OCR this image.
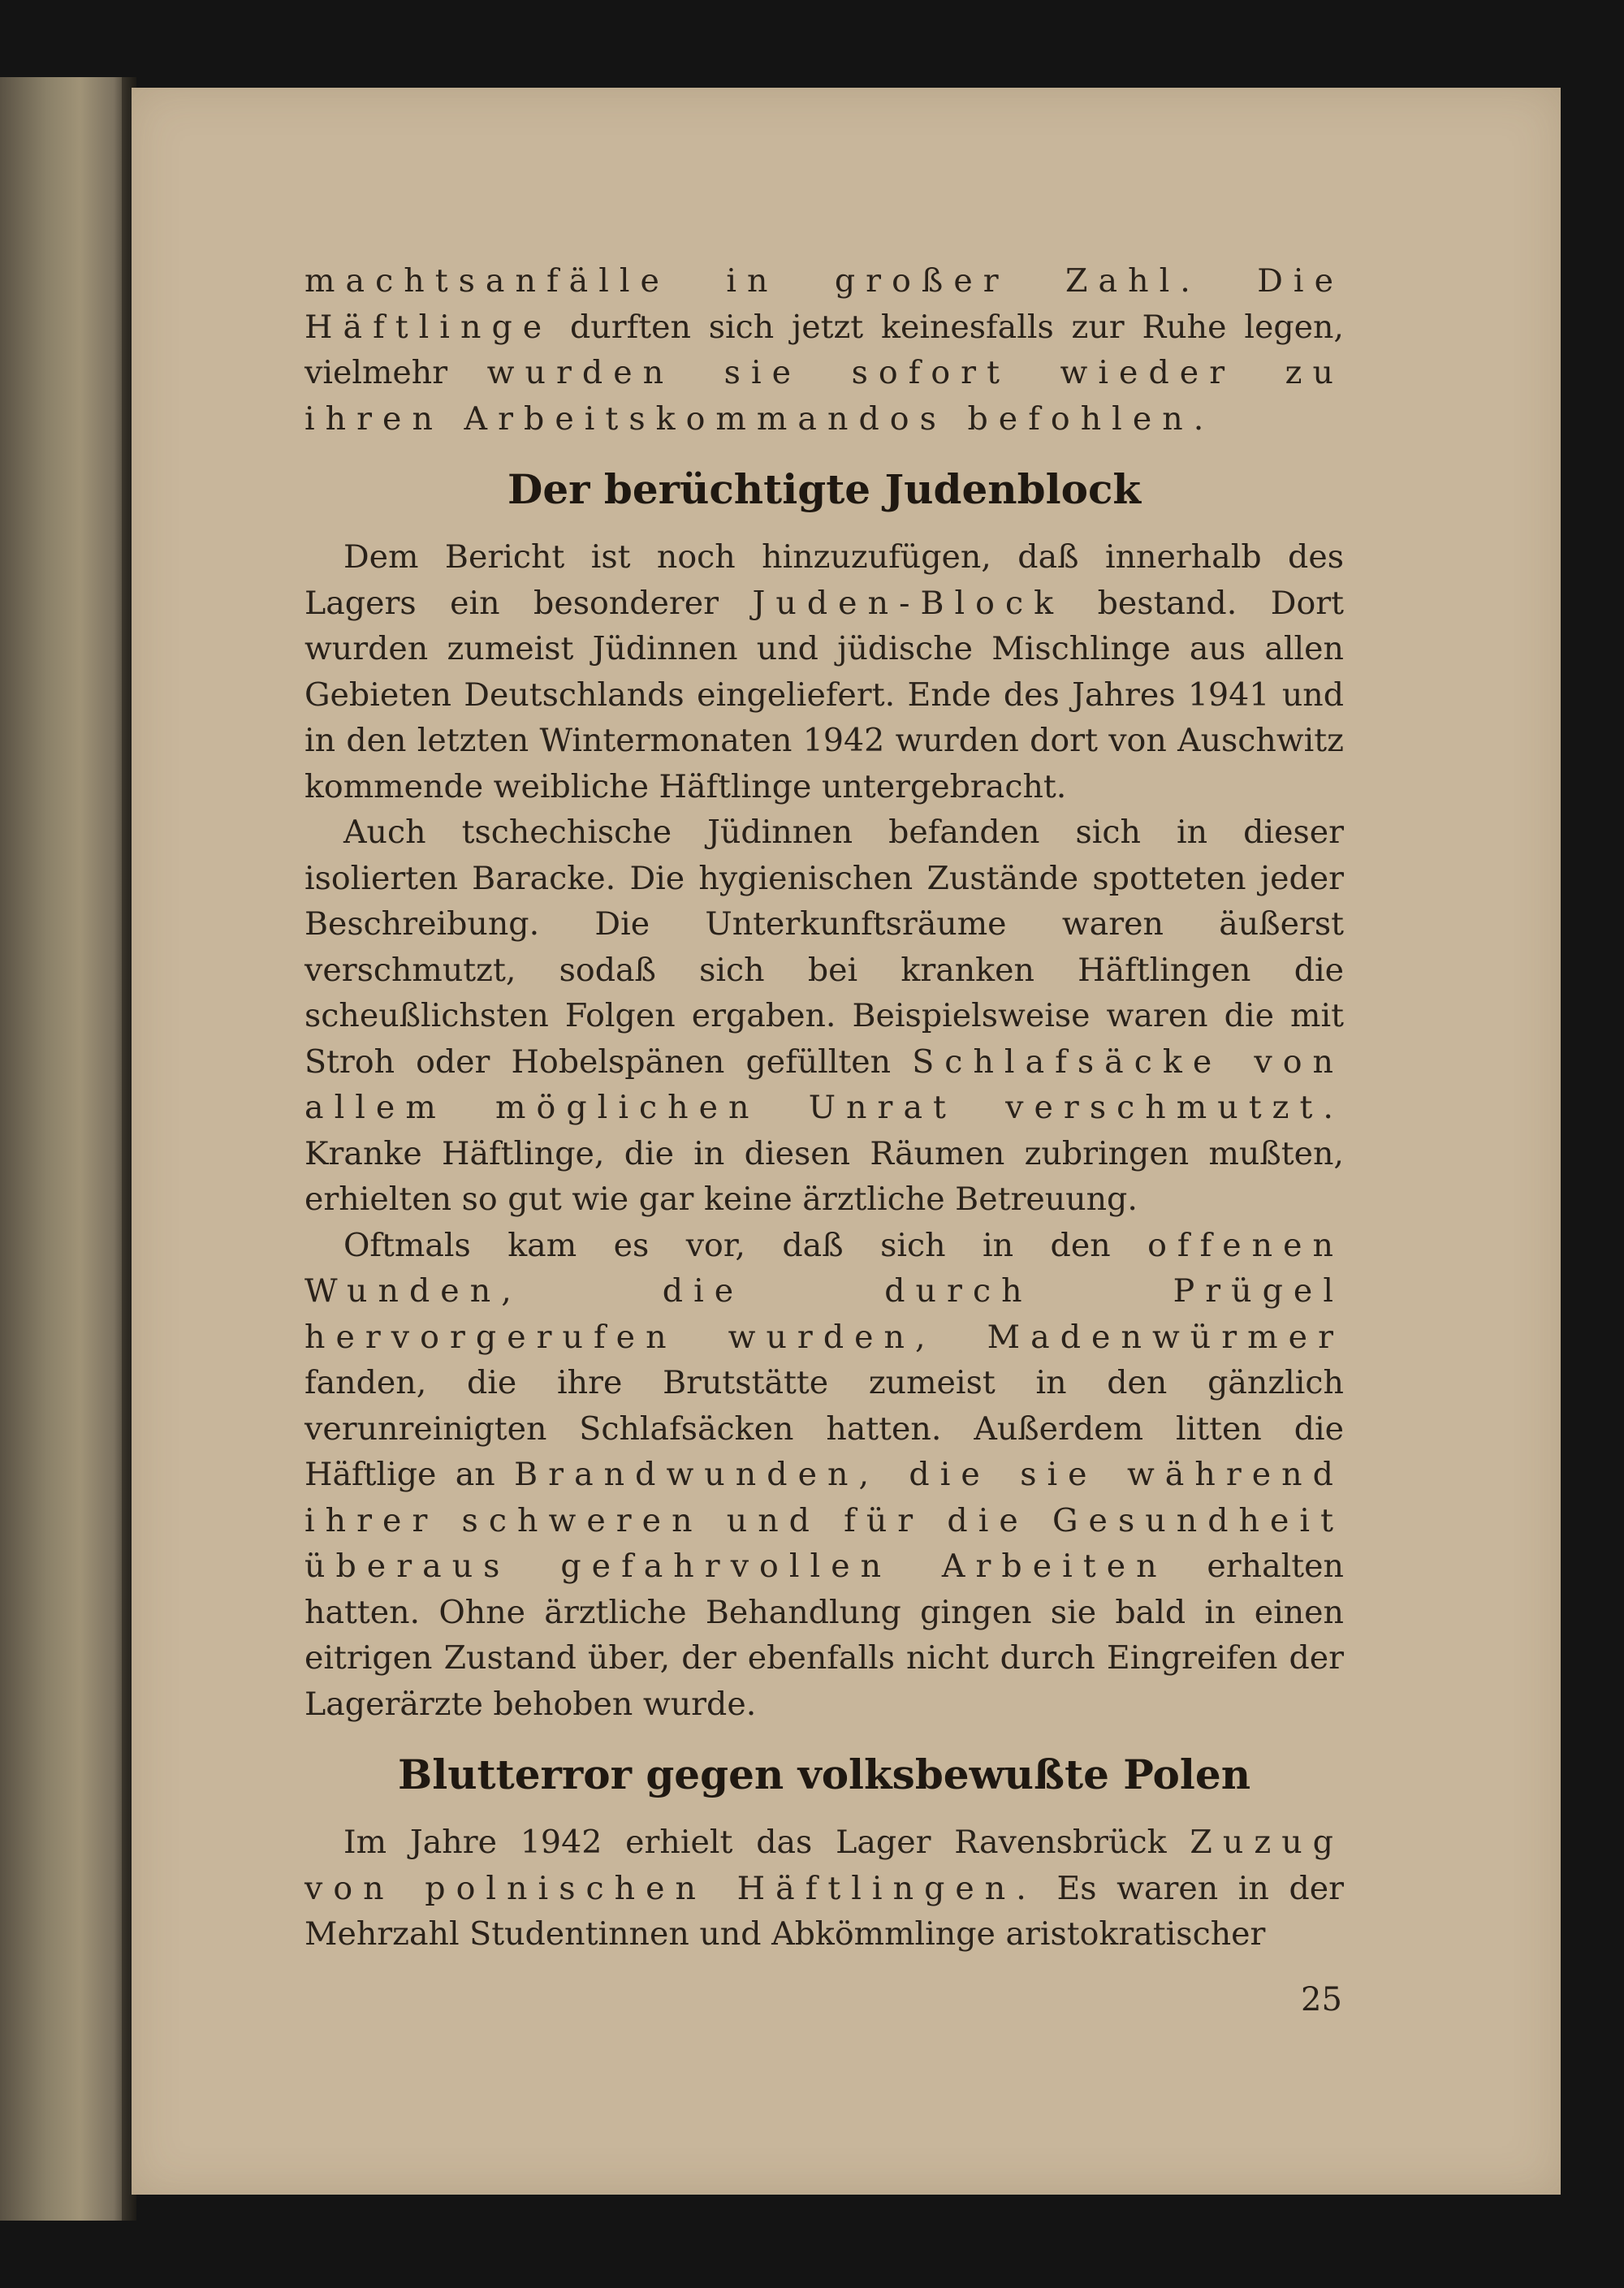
machtsanfälle in großer Zahl. Die Häftlinge durften sich jetzt keinesfalls zur Ruhe legen, vielmehr wurden sie sofort wieder zu ihren Arbeitskommandos befohlen.

Der berüchtigte Judenblock

Dem Bericht ist noch hinzuzufügen, daß innerhalb des Lagers ein besonderer Juden-Block bestand. Dort wurden zumeist Jüdinnen und jüdische Mischlinge aus allen Gebieten Deutschlands eingeliefert. Ende des Jahres 1941 und in den letzten Wintermonaten 1942 wurden dort von Auschwitz kommende weibliche Häftlinge untergebracht.

Auch tschechische Jüdinnen befanden sich in dieser isolierten Baracke. Die hygienischen Zustände spotteten jeder Beschreibung. Die Unterkunftsräume waren äußerst verschmutzt, sodaß sich bei kranken Häftlingen die scheußlichsten Folgen ergaben. Beispielsweise waren die mit Stroh oder Hobelspänen gefüllten Schlafsäcke von allem möglichen Unrat verschmutzt. Kranke Häftlinge, die in diesen Räumen zubringen mußten, erhielten so gut wie gar keine ärztliche Betreuung.

Oftmals kam es vor, daß sich in den offenen Wunden, die durch Prügel hervorgerufen wurden, Madenwürmer fanden, die ihre Brutstätte zumeist in den gänzlich verunreinigten Schlafsäcken hatten. Außerdem litten die Häftlige an Brandwunden, die sie während ihrer schweren und für die Gesundheit überaus gefahrvollen Arbeiten erhalten hatten. Ohne ärztliche Behandlung gingen sie bald in einen eitrigen Zustand über, der ebenfalls nicht durch Eingreifen der Lagerärzte behoben wurde.

Blutterror gegen volksbewußte Polen

Im Jahre 1942 erhielt das Lager Ravensbrück Zuzug von polnischen Häftlingen. Es waren in der Mehrzahl Studentinnen und Abkömmlinge aristokratischer

25
